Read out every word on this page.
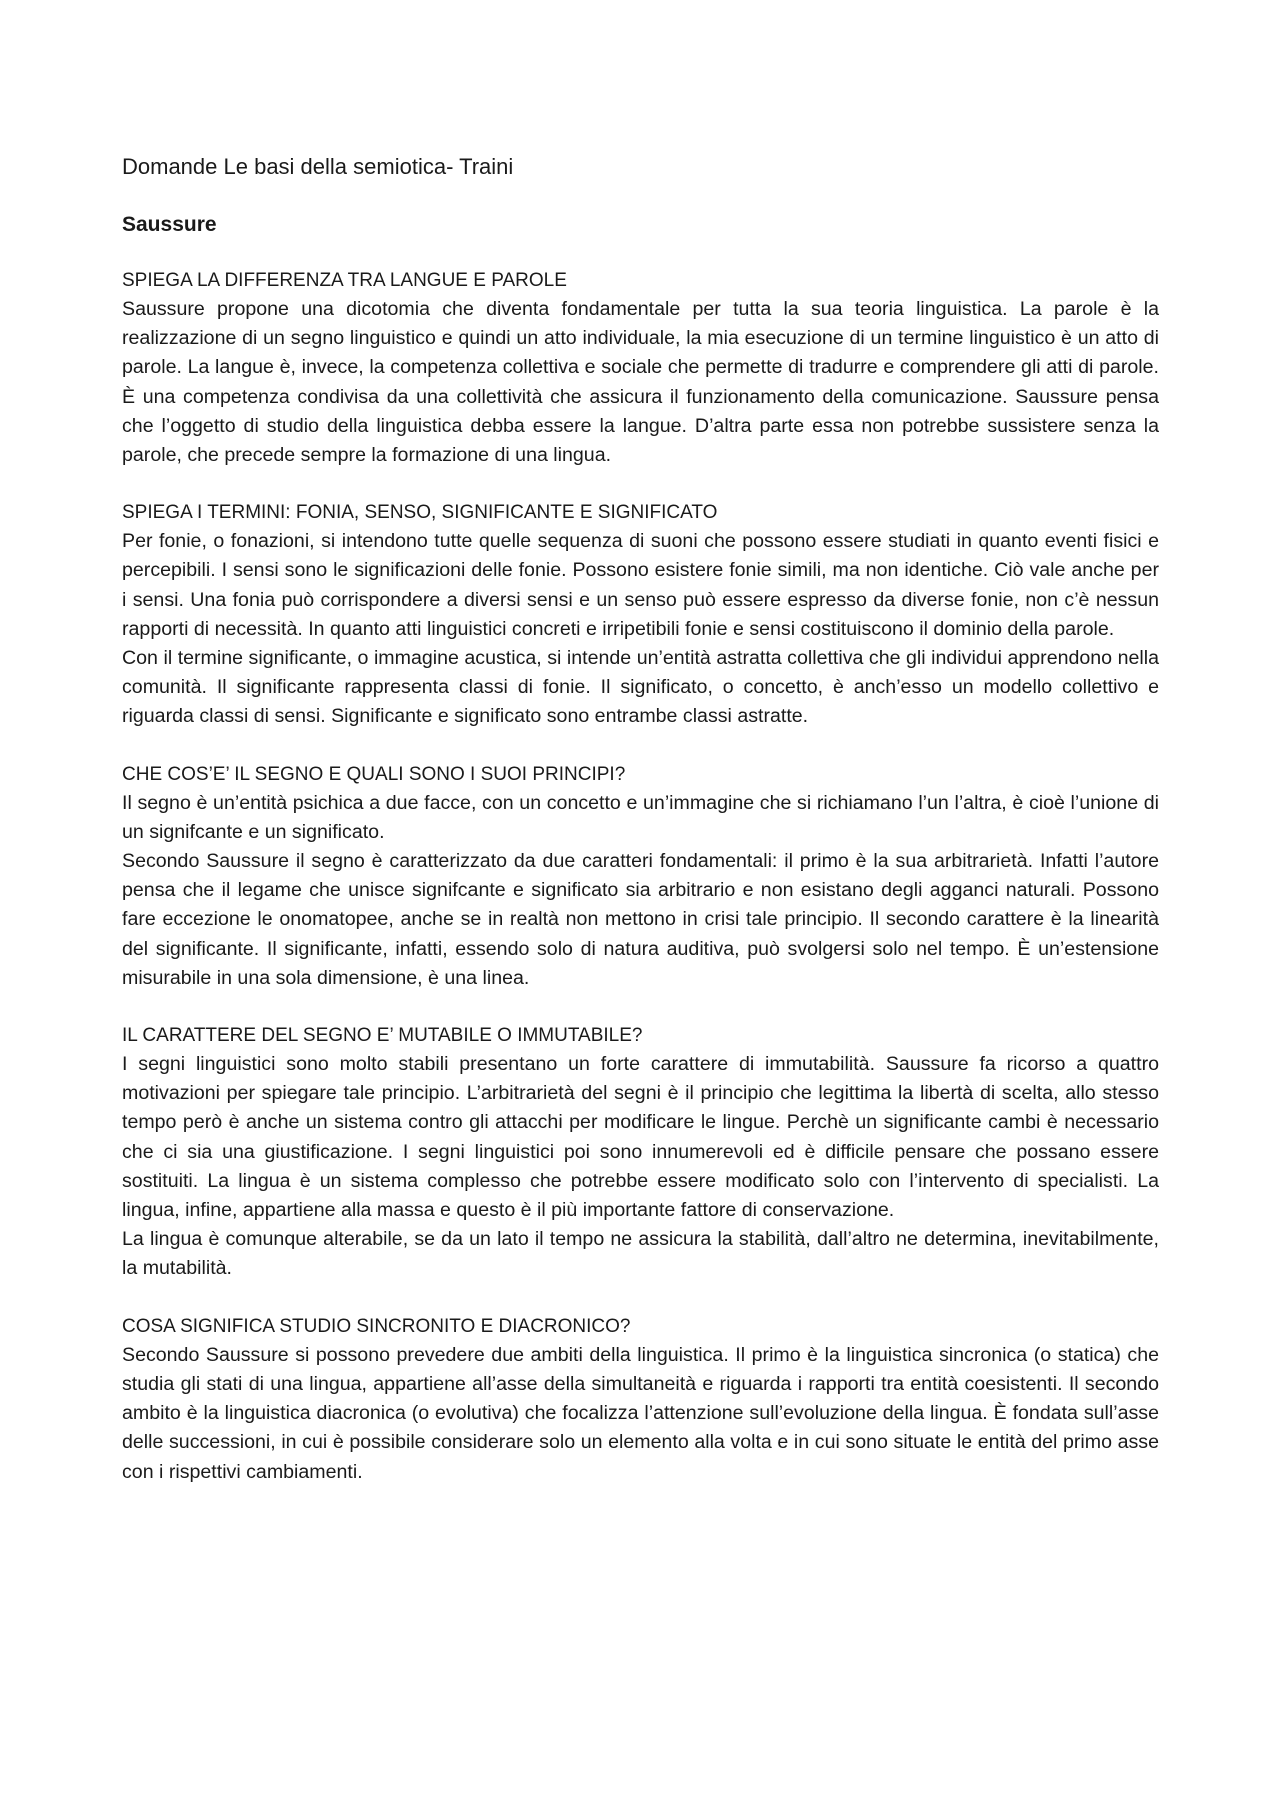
Domande Le basi della semiotica- Traini
Saussure

SPIEGA LA DIFFERENZA TRA LANGUE E PAROLE

Saussure propone una dicotomia che diventa fondamentale per tutta la sua teoria linguistica. La parole è la realizzazione di un segno linguistico e quindi un atto individuale, la mia esecuzione di un termine linguistico è un atto di parole. La langue è, invece, la competenza collettiva e sociale che permette di tradurre e comprendere gli atti di parole. È una competenza condivisa da una collettività che assicura il funzionamento della comunicazione. Saussure pensa che l’oggetto di studio della linguistica debba essere la langue. D’altra parte essa non potrebbe sussistere senza la parole, che precede sempre la formazione di una lingua.

SPIEGA I TERMINI: FONIA, SENSO, SIGNIFICANTE E SIGNIFICATO

Per fonie, o fonazioni, si intendono tutte quelle sequenza di suoni che possono essere studiati in quanto eventi fisici e percepibili. I sensi sono le significazioni delle fonie. Possono esistere fonie simili, ma non identiche. Ciò vale anche per i sensi. Una fonia può corrispondere a diversi sensi e un senso può essere espresso da diverse fonie, non c’è nessun rapporti di necessità. In quanto atti linguistici concreti e irripetibili fonie e sensi costituiscono il dominio della parole.

Con il termine significante, o immagine acustica, si intende un’entità astratta collettiva che gli individui apprendono nella comunità. Il significante rappresenta classi di fonie. Il significato, o concetto, è anch’esso un modello collettivo e riguarda classi di sensi. Significante e significato sono entrambe classi astratte.

CHE COS’E’ IL SEGNO E QUALI SONO I SUOI PRINCIPI?

Il segno è un’entità psichica a due facce, con un concetto e un’immagine che si richiamano l’un l’altra, è cioè l’unione di un signifcante e un significato.

Secondo Saussure il segno è caratterizzato da due caratteri fondamentali: il primo è la sua arbitrarietà. Infatti l’autore pensa che il legame che unisce signifcante e significato sia arbitrario e non esistano degli agganci naturali. Possono fare eccezione le onomatopee, anche se in realtà non mettono in crisi tale principio. Il secondo carattere è la linearità del significante. Il significante, infatti, essendo solo di natura auditiva, può svolgersi solo nel tempo. È un’estensione misurabile in una sola dimensione, è una linea.

IL CARATTERE DEL SEGNO E’ MUTABILE O IMMUTABILE?

I segni linguistici sono molto stabili presentano un forte carattere di immutabilità. Saussure fa ricorso a quattro motivazioni per spiegare tale principio. L’arbitrarietà del segni è il principio che legittima la libertà di scelta, allo stesso tempo però è anche un sistema contro gli attacchi per modificare le lingue. Perchè un significante cambi è necessario che ci sia una giustificazione. I segni linguistici poi sono innumerevoli ed è difficile pensare che possano essere sostituiti. La lingua è un sistema complesso che potrebbe essere modificato solo con l’intervento di specialisti. La lingua, infine, appartiene alla massa e questo è il più importante fattore di conservazione.

La lingua è comunque alterabile, se da un lato il tempo ne assicura la stabilità, dall’altro ne determina, inevitabilmente, la mutabilità.

COSA SIGNIFICA STUDIO SINCRONITO E DIACRONICO?

Secondo Saussure si possono prevedere due ambiti della linguistica. Il primo è la linguistica sincronica (o statica) che studia gli stati di una lingua, appartiene all’asse della simultaneità e riguarda i rapporti tra entità coesistenti. Il secondo ambito è la linguistica diacronica (o evolutiva) che focalizza l’attenzione sull’evoluzione della lingua. È fondata sull’asse delle successioni, in cui è possibile considerare solo un elemento alla volta e in cui sono situate le entità del primo asse con i rispettivi cambiamenti.
